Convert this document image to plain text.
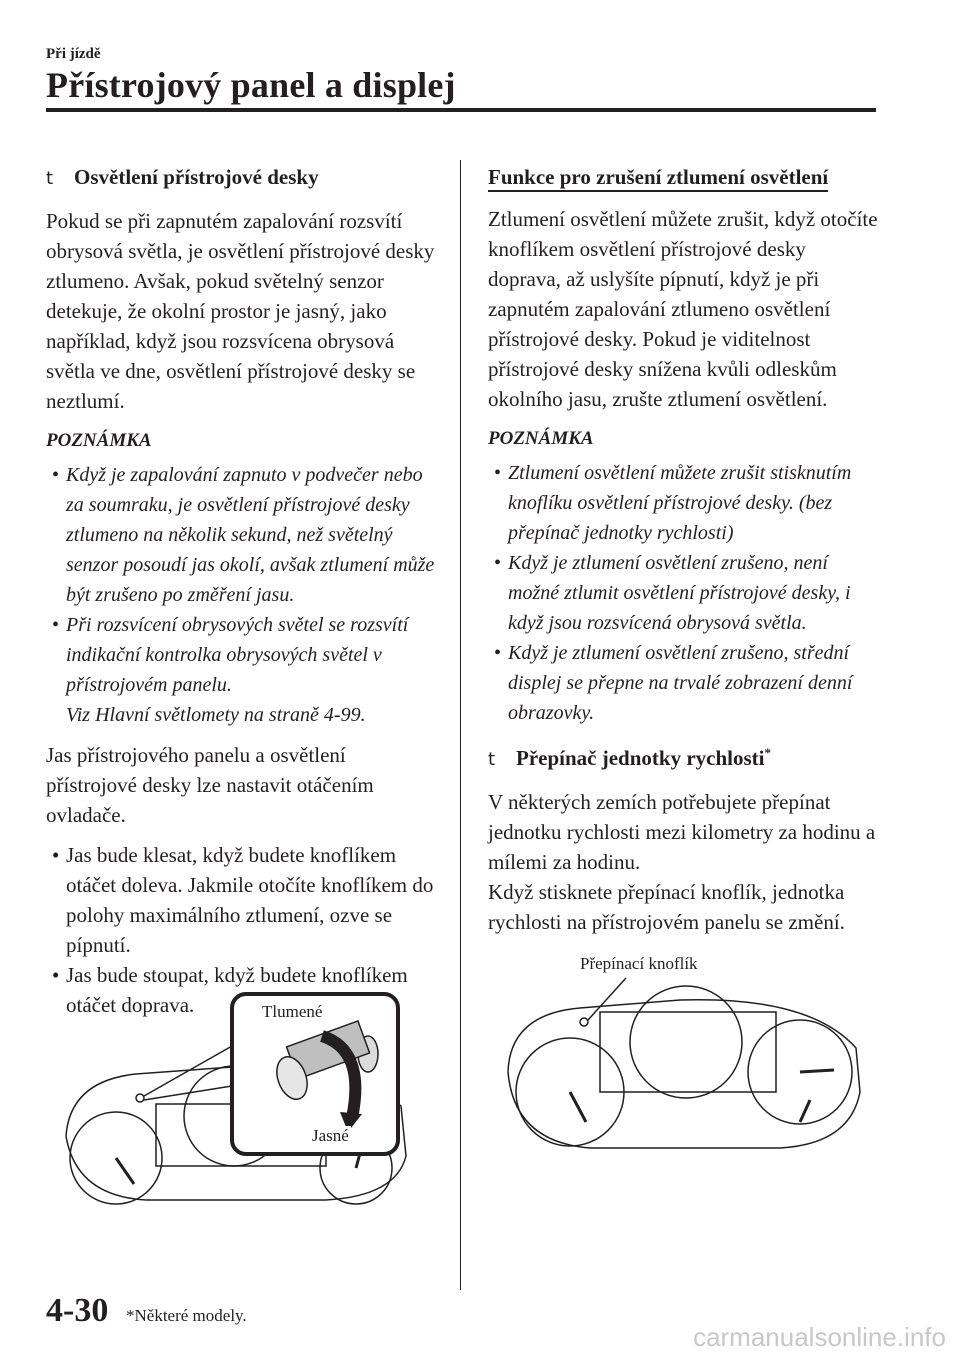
Při jízdě
Přístrojový panel a displej
t Osvětlení přístrojové desky

Pokud se při zapnutém zapalování rozsvítí obrysová světla, je osvětlení přístrojové desky ztlumeno. Avšak, pokud světelný senzor detekuje, že okolní prostor je jasný, jako například, když jsou rozsvícena obrysová světla ve dne, osvětlení přístrojové desky se neztlumí.

POZNÁMKA
• Když je zapalování zapnuto v podvečer nebo za soumraku, je osvětlení přístrojové desky ztlumeno na několik sekund, než světelný senzor posoudí jas okolí, avšak ztlumení může být zrušeno po změření jasu.
• Při rozsvícení obrysových světel se rozsvítí indikační kontrolka obrysových světel v přístrojovém panelu.
Viz Hlavní světlomety na straně 4-99.

Jas přístrojového panelu a osvětlení přístrojové desky lze nastavit otáčením ovladače.

• Jas bude klesat, když budete knoflíkem otáčet doleva. Jakmile otočíte knoflíkem do polohy maximálního ztlumení, ozve se pípnutí.
• Jas bude stoupat, když budete knoflíkem otáčet doprava.	Tlumené
Jasné
Funkce pro zrušení ztlumení osvětlení

Ztlumení osvětlení můžete zrušit, když otočíte knoflíkem osvětlení přístrojové desky doprava, až uslyšíte pípnutí, když je při zapnutém zapalování ztlumeno osvětlení přístrojové desky. Pokud je viditelnost přístrojové desky snížena kvůli odleskům okolního jasu, zrušte ztlumení osvětlení.

POZNÁMKA
• Ztlumení osvětlení můžete zrušit stisknutím knoflíku osvětlení přístrojové desky. (bez přepínač jednotky rychlosti)
• Když je ztlumení osvětlení zrušeno, není možné ztlumit osvětlení přístrojové desky, i když jsou rozsvícená obrysová světla.
• Když je ztlumení osvětlení zrušeno, střední displej se přepne na trvalé zobrazení denní obrazovky.
t Přepínač jednotky rychlosti*

V některých zemích potřebujete přepínat jednotku rychlosti mezi kilometry za hodinu a mílemi za hodinu.

Když stisknete přepínací knoflík, jednotka rychlosti na přístrojovém panelu se změní.

Přepínací knoflík
4-30 *Některé modely.
carmanualsonline.info
